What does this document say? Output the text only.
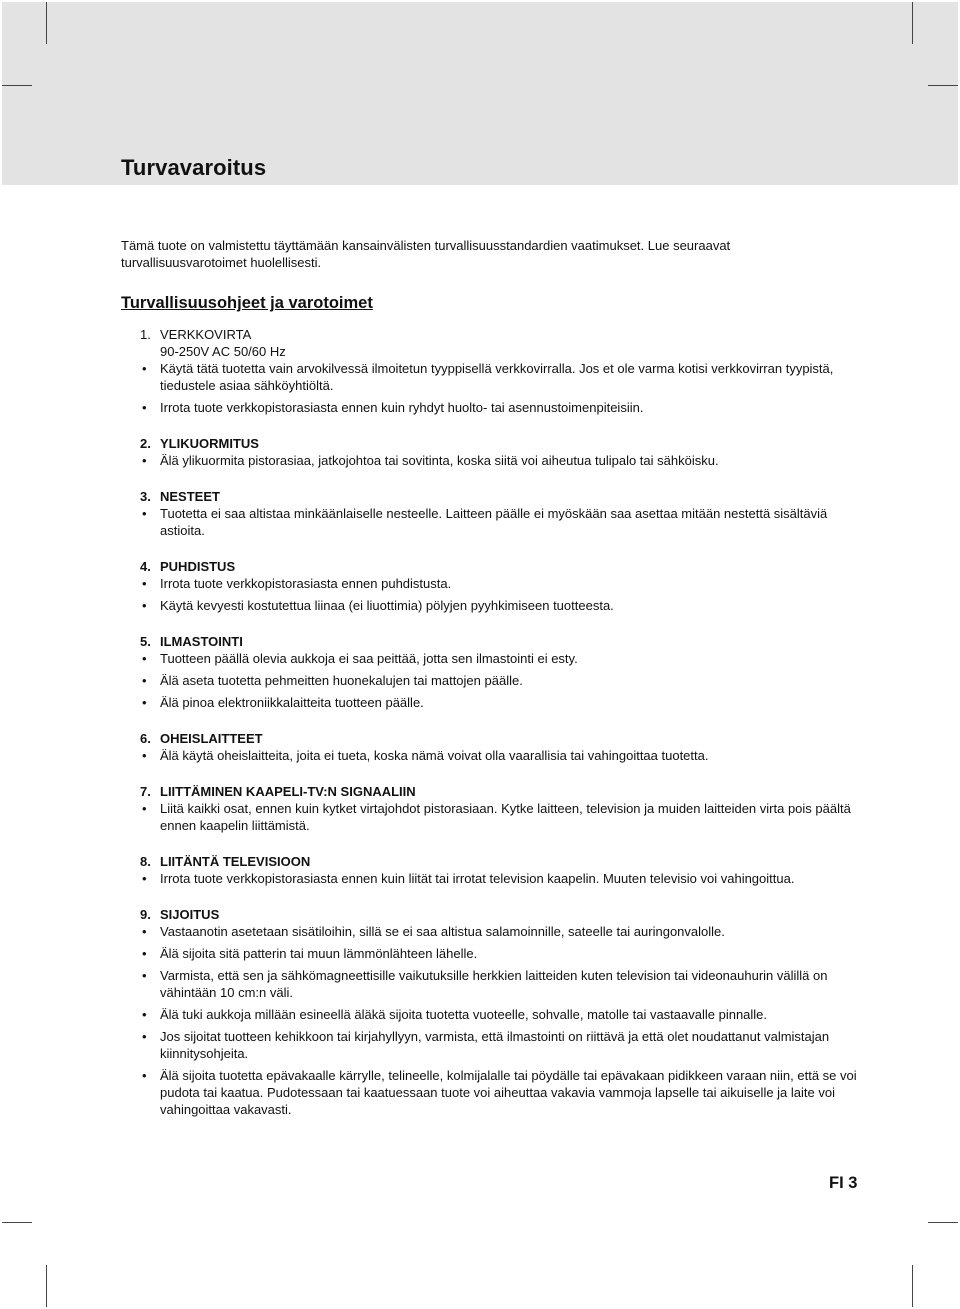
Turvavaroitus

Tämä tuote on valmistettu täyttämään kansainvälisten turvallisuusstandardien vaatimukset. Lue seuraavat turvallisuusvarotoimet huolellisesti.

Turvallisuusohjeet ja varotoimet
1. VERKKOVIRTA
90-250V AC 50/60 Hz
•	Käytä tätä tuotetta vain arvokilvessä ilmoitetun tyyppisellä verkkovirralla. Jos et ole varma kotisi verkkovirran tyypistä, tiedustele asiaa sähköyhtiöltä.
•	Irrota tuote verkkopistorasiasta ennen kuin ryhdyt huolto- tai asennustoimenpiteisiin.
2. YLIKUORMITUS
•	Älä ylikuormita pistorasiaa, jatkojohtoa tai sovitinta, koska siitä voi aiheutua tulipalo tai sähköisku.
3. NESTEET
•	Tuotetta ei saa altistaa minkäänlaiselle nesteelle. Laitteen päälle ei myöskään saa asettaa mitään nestettä sisältäviä astioita.
4. PUHDISTUS
•	Irrota tuote verkkopistorasiasta ennen puhdistusta.
•	Käytä kevyesti kostutettua liinaa (ei liuottimia) pölyjen pyyhkimiseen tuotteesta.
5. ILMASTOINTI
•	Tuotteen päällä olevia aukkoja ei saa peittää, jotta sen ilmastointi ei esty.
•	Älä aseta tuotetta pehmeitten huonekalujen tai mattojen päälle.
•	Älä pinoa elektroniikkalaitteita tuotteen päälle.
6. OHEISLAITTEET
•	Älä käytä oheislaitteita, joita ei tueta, koska nämä voivat olla vaarallisia tai vahingoittaa tuotetta.
7. LIITTÄMINEN KAAPELI-TV:N SIGNAALIIN
•	Liitä kaikki osat, ennen kuin kytket virtajohdot pistorasiaan. Kytke laitteen, television ja muiden laitteiden virta pois päältä ennen kaapelin liittämistä.
8. LIITÄNTÄ TELEVISIOON
•	Irrota tuote verkkopistorasiasta ennen kuin liität tai irrotat television kaapelin. Muuten televisio voi vahingoittua.
9. SIJOITUS
•	Vastaanotin asetetaan sisätiloihin, sillä se ei saa altistua salamoinnille, sateelle tai auringonvalolle.
•	Älä sijoita sitä patterin tai muun lämmönlähteen lähelle.
•	Varmista, että sen ja sähkömagneettisille vaikutuksille herkkien laitteiden kuten television tai videonauhurin välillä on vähintään 10 cm:n väli.
•	Älä tuki aukkoja millään esineellä äläkä sijoita tuotetta vuoteelle, sohvalle, matolle tai vastaavalle pinnalle.
•	Jos sijoitat tuotteen kehikkoon tai kirjahyllyyn, varmista, että ilmastointi on riittävä ja että olet noudattanut valmistajan kiinnitysohjeita.
•	Älä sijoita tuotetta epävakaalle kärrylle, telineelle, kolmijalalle tai pöydälle tai epävakaan pidikkeen varaan niin, että se voi pudota tai kaatua. Pudotessaan tai kaatuessaan tuote voi aiheuttaa vakavia vammoja lapselle tai aikuiselle ja laite voi vahingoittaa vakavasti.

FI 3
